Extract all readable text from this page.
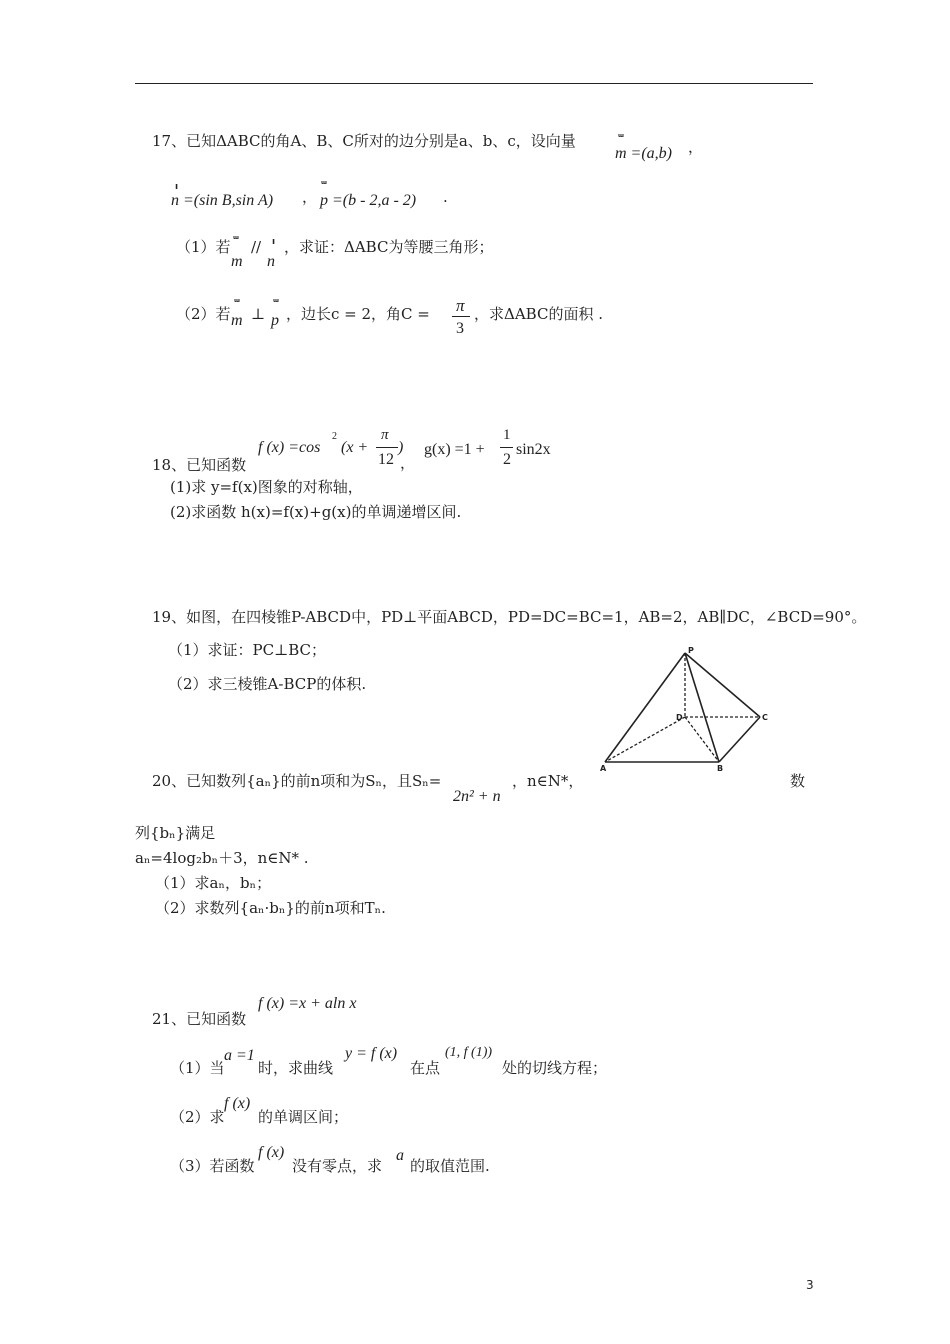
17、已知ΔABC的角A、B、C所对的边分别是a、b、c，设向量	ᵚ
m =(a,b) ，
ı
n =(sin B,sin A) ，
ᵚ
p =(b - 2,a - 2) .
（1）若 ᵚ
m
// ı
n
，求证：ΔABC为等腰三角形；
（2）若
ᵚ
m ⊥
ᵚ
p ，边长c = 2，角C = π
3
，求ΔABC的面积 .
18、已知函数
f (x) =cos
2
(x +
π
12
)
，
g(x) =1 +
1
2
sin2x
(1)求 y=f(x)图象的对称轴，
(2)求函数 h(x)=f(x)+g(x)的单调递增区间.
19、如图，在四棱锥P-ABCD中，PD⊥平面ABCD，PD=DC=BC=1，AB=2，AB∥DC，∠BCD=90°。
（1）求证：PC⊥BC；
（2）求三棱锥A-BCP的体积.
P
D	C
A	B
20、已知数列{aₙ}的前n项和为Sₙ，且Sₙ=
2n² + n
，n∈N*，	数
列{bₙ}满足
aₙ=4log₂bₙ＋3，n∈N* .
（1）求aₙ，bₙ；
（2）求数列{aₙ·bₙ}的前n项和Tₙ.
21、已知函数
f (x) =x + aln x
（1）当
a =1
时，求曲线
y = f (x)
在点
(1, f (1))
处的切线方程；
（2）求
f (x)
的单调区间；
（3）若函数
f (x)
没有零点，求
a
的取值范围.
3
